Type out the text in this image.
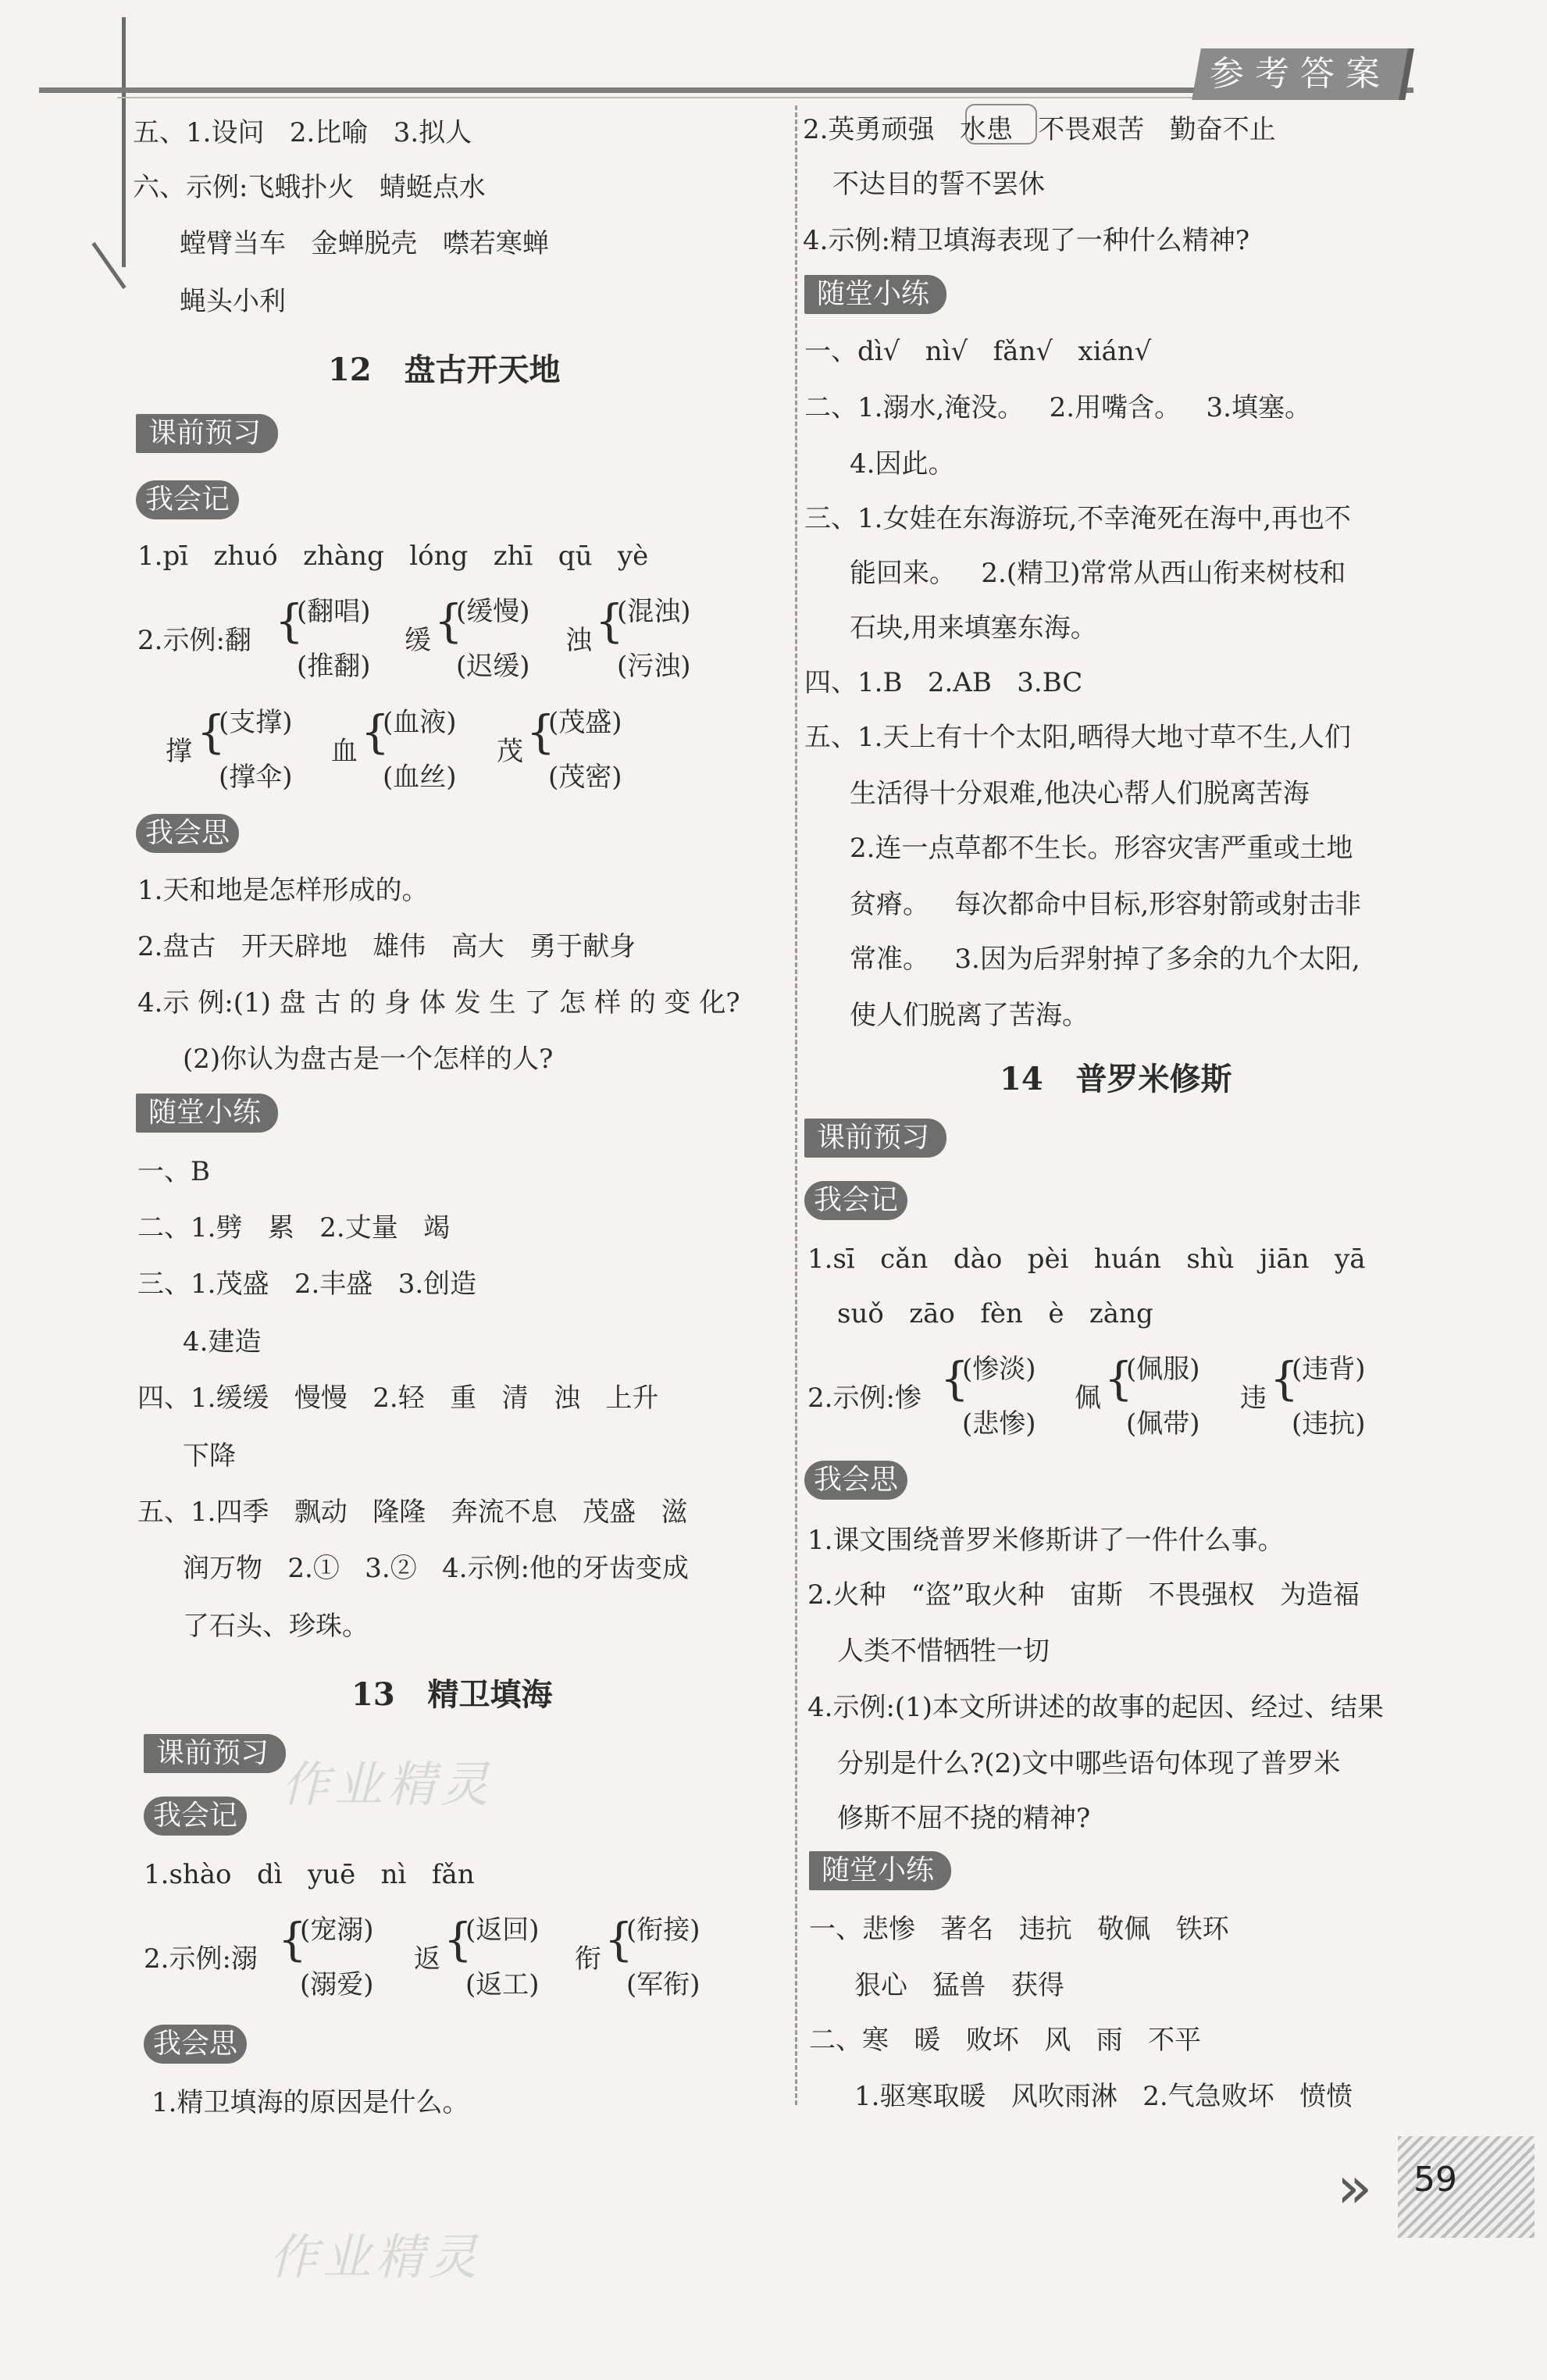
参考答案
五、1.设问   2.比喻   3.拟人
六、示例:飞蛾扑火   蜻蜓点水
螳臂当车   金蝉脱壳   噤若寒蝉
蝇头小利
12   盘古开天地
课前预习
我会记
1.pī   zhuó   zhàng   lóng   zhī   qū   yè
2.示例:翻

{

(翻唱)

(推翻)

缓

{

(缓慢)

(迟缓)

浊

{

(混浊)

(污浊)

撑

{

(支撑)

(撑伞)

血

{

(血液)

(血丝)

茂

{

(茂盛)

(茂密)

我会思
1.天和地是怎样形成的。
2.盘古   开天辟地   雄伟   高大   勇于献身
4.示 例:(1) 盘 古 的 身 体 发 生 了 怎 样 的 变 化?
(2)你认为盘古是一个怎样的人?
随堂小练
一、B
二、1.劈   累   2.丈量   竭
三、1.茂盛   2.丰盛   3.创造
4.建造
四、1.缓缓   慢慢   2.轻   重   清   浊   上升
下降
五、1.四季   飘动   隆隆   奔流不息   茂盛   滋
润万物   2.①   3.②   4.示例:他的牙齿变成
了石头、珍珠。
13   精卫填海
课前预习
我会记
1.shào   dì   yuē   nì   fǎn
2.示例:溺

{

(宠溺)

(溺爱)

返

{

(返回)

(返工)

衔

{

(衔接)

(军衔)

我会思
1.精卫填海的原因是什么。
2.英勇顽强   水患   不畏艰苦   勤奋不止
不达目的誓不罢休
4.示例:精卫填海表现了一种什么精神?
随堂小练
一、dì√   nì√   fǎn√   xián√
二、1.溺水,淹没。   2.用嘴含。   3.填塞。
4.因此。
三、1.女娃在东海游玩,不幸淹死在海中,再也不
能回来。   2.(精卫)常常从西山衔来树枝和
石块,用来填塞东海。
四、1.B   2.AB   3.BC
五、1.天上有十个太阳,晒得大地寸草不生,人们
生活得十分艰难,他决心帮人们脱离苦海
2.连一点草都不生长。形容灾害严重或土地
贫瘠。   每次都命中目标,形容射箭或射击非
常准。   3.因为后羿射掉了多余的九个太阳,
使人们脱离了苦海。
14   普罗米修斯
课前预习
我会记
1.sī   cǎn   dào   pèi   huán   shù   jiān   yā
suǒ   zāo   fèn   è   zàng
2.示例:惨

{

(惨淡)

(悲惨)

佩

{

(佩服)

(佩带)

违

{

(违背)

(违抗)

我会思
1.课文围绕普罗米修斯讲了一件什么事。
2.火种   “盗”取火种   宙斯   不畏强权   为造福
人类不惜牺牲一切
4.示例:(1)本文所讲述的故事的起因、经过、结果
分别是什么?(2)文中哪些语句体现了普罗米
修斯不屈不挠的精神?
随堂小练
一、悲惨   著名   违抗   敬佩   铁环
狠心   猛兽   获得
二、寒   暖   败坏   风   雨   不平
1.驱寒取暖   风吹雨淋   2.气急败坏   愤愤
作业精灵
作业精灵
» 59
